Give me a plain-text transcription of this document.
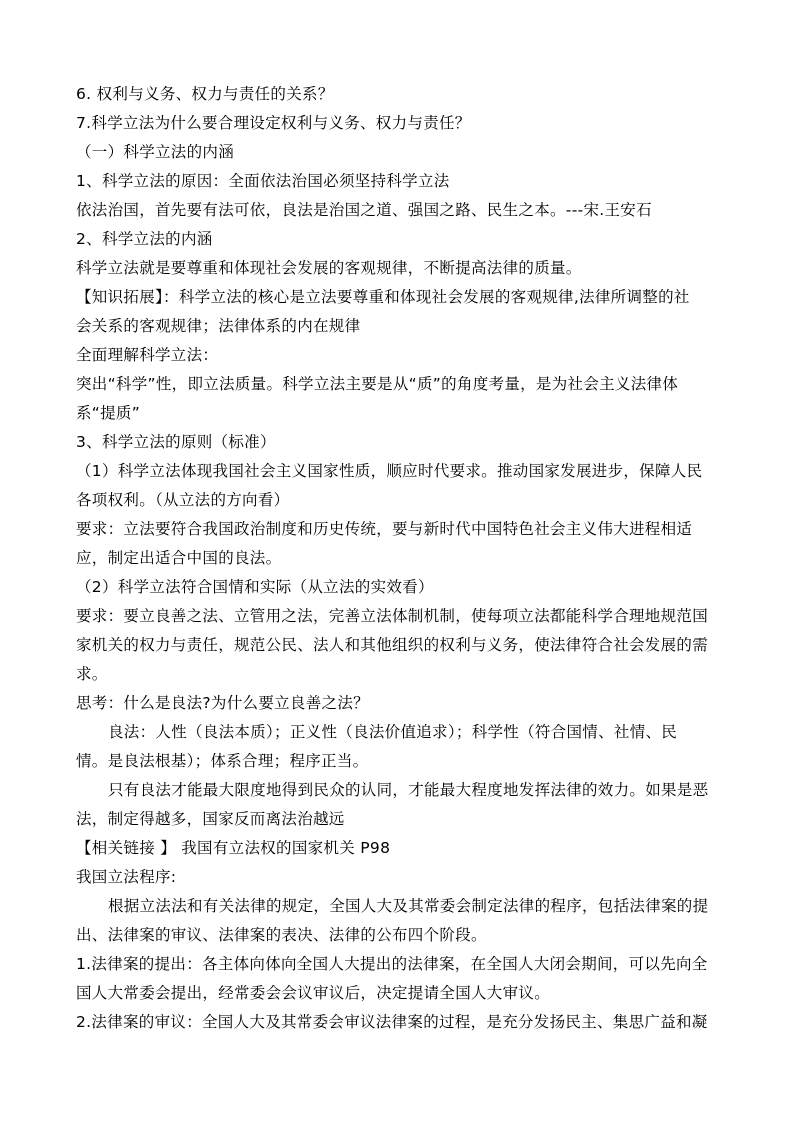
6. 权利与义务、权力与责任的关系？
7.科学立法为什么要合理设定权利与义务、权力与责任？
（一）科学立法的内涵
1、科学立法的原因：全面依法治国必须坚持科学立法
依法治国，首先要有法可依，良法是治国之道、强国之路、民生之本。---宋.王安石
2、科学立法的内涵
科学立法就是要尊重和体现社会发展的客观规律，不断提高法律的质量。
【知识拓展】：科学立法的核心是立法要尊重和体现社会发展的客观规律,法律所调整的社
会关系的客观规律；法律体系的内在规律
全面理解科学立法：
突出“科学”性，即立法质量。科学立法主要是从“质”的角度考量，是为社会主义法律体
系“提质”
3、科学立法的原则（标准）
（1）科学立法体现我国社会主义国家性质，顺应时代要求。推动国家发展进步，保障人民
各项权利。（从立法的方向看）
要求：立法要符合我国政治制度和历史传统，要与新时代中国特色社会主义伟大进程相适
应，制定出适合中国的良法。
（2）科学立法符合国情和实际（从立法的实效看）
要求：要立良善之法、立管用之法，完善立法体制机制，使每项立法都能科学合理地规范国
家机关的权力与责任，规范公民、法人和其他组织的权利与义务，使法律符合社会发展的需
求。
思考：什么是良法?为什么要立良善之法？
良法：人性（良法本质）；正义性（良法价值追求）；科学性（符合国情、社情、民
情。是良法根基）；体系合理；程序正当。
只有良法才能最大限度地得到民众的认同，才能最大程度地发挥法律的效力。如果是恶
法，制定得越多，国家反而离法治越远
【相关链接 】 我国有立法权的国家机关 P98
我国立法程序:
根据立法法和有关法律的规定，全国人大及其常委会制定法律的程序，包括法律案的提
出、法律案的审议、法律案的表决、法律的公布四个阶段。
1.法律案的提出：各主体向体向全国人大提出的法律案，在全国人大闭会期间，可以先向全
国人大常委会提出，经常委会会议审议后，决定提请全国人大审议。
2.法律案的审议：全国人大及其常委会审议法律案的过程，是充分发扬民主、集思广益和凝
